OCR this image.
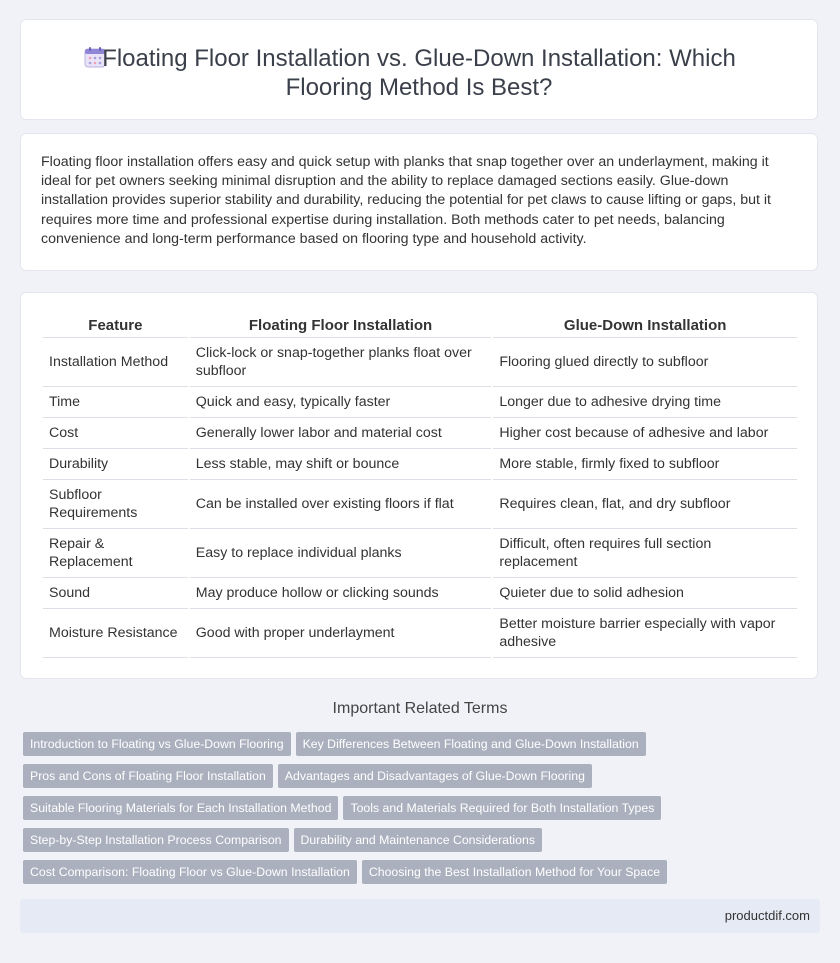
Floating Floor Installation vs. Glue-Down Installation: Which
Flooring Method Is Best?
Floating floor installation offers easy and quick setup with planks that snap together over an underlayment, making it ideal for pet owners seeking minimal disruption and the ability to replace damaged sections easily. Glue-down installation provides superior stability and durability, reducing the potential for pet claws to cause lifting or gaps, but it requires more time and professional expertise during installation. Both methods cater to pet needs, balancing convenience and long-term performance based on flooring type and household activity.
Feature	Floating Floor Installation	Glue-Down Installation
Installation Method	Click-lock or snap-together planks float over subfloor	Flooring glued directly to subfloor
Time	Quick and easy, typically faster	Longer due to adhesive drying time
Cost	Generally lower labor and material cost	Higher cost because of adhesive and labor
Durability	Less stable, may shift or bounce	More stable, firmly fixed to subfloor
Subfloor Requirements	Can be installed over existing floors if flat	Requires clean, flat, and dry subfloor
Repair & Replacement	Easy to replace individual planks	Difficult, often requires full section replacement
Sound	May produce hollow or clicking sounds	Quieter due to solid adhesion
Moisture Resistance	Good with proper underlayment	Better moisture barrier especially with vapor adhesive
Important Related Terms
Introduction to Floating vs Glue-Down Flooring Key Differences Between Floating and Glue-Down Installation
Pros and Cons of Floating Floor Installation Advantages and Disadvantages of Glue-Down Flooring
Suitable Flooring Materials for Each Installation Method Tools and Materials Required for Both Installation Types
Step-by-Step Installation Process Comparison Durability and Maintenance Considerations
Cost Comparison: Floating Floor vs Glue-Down Installation Choosing the Best Installation Method for Your Space
productdif.com
